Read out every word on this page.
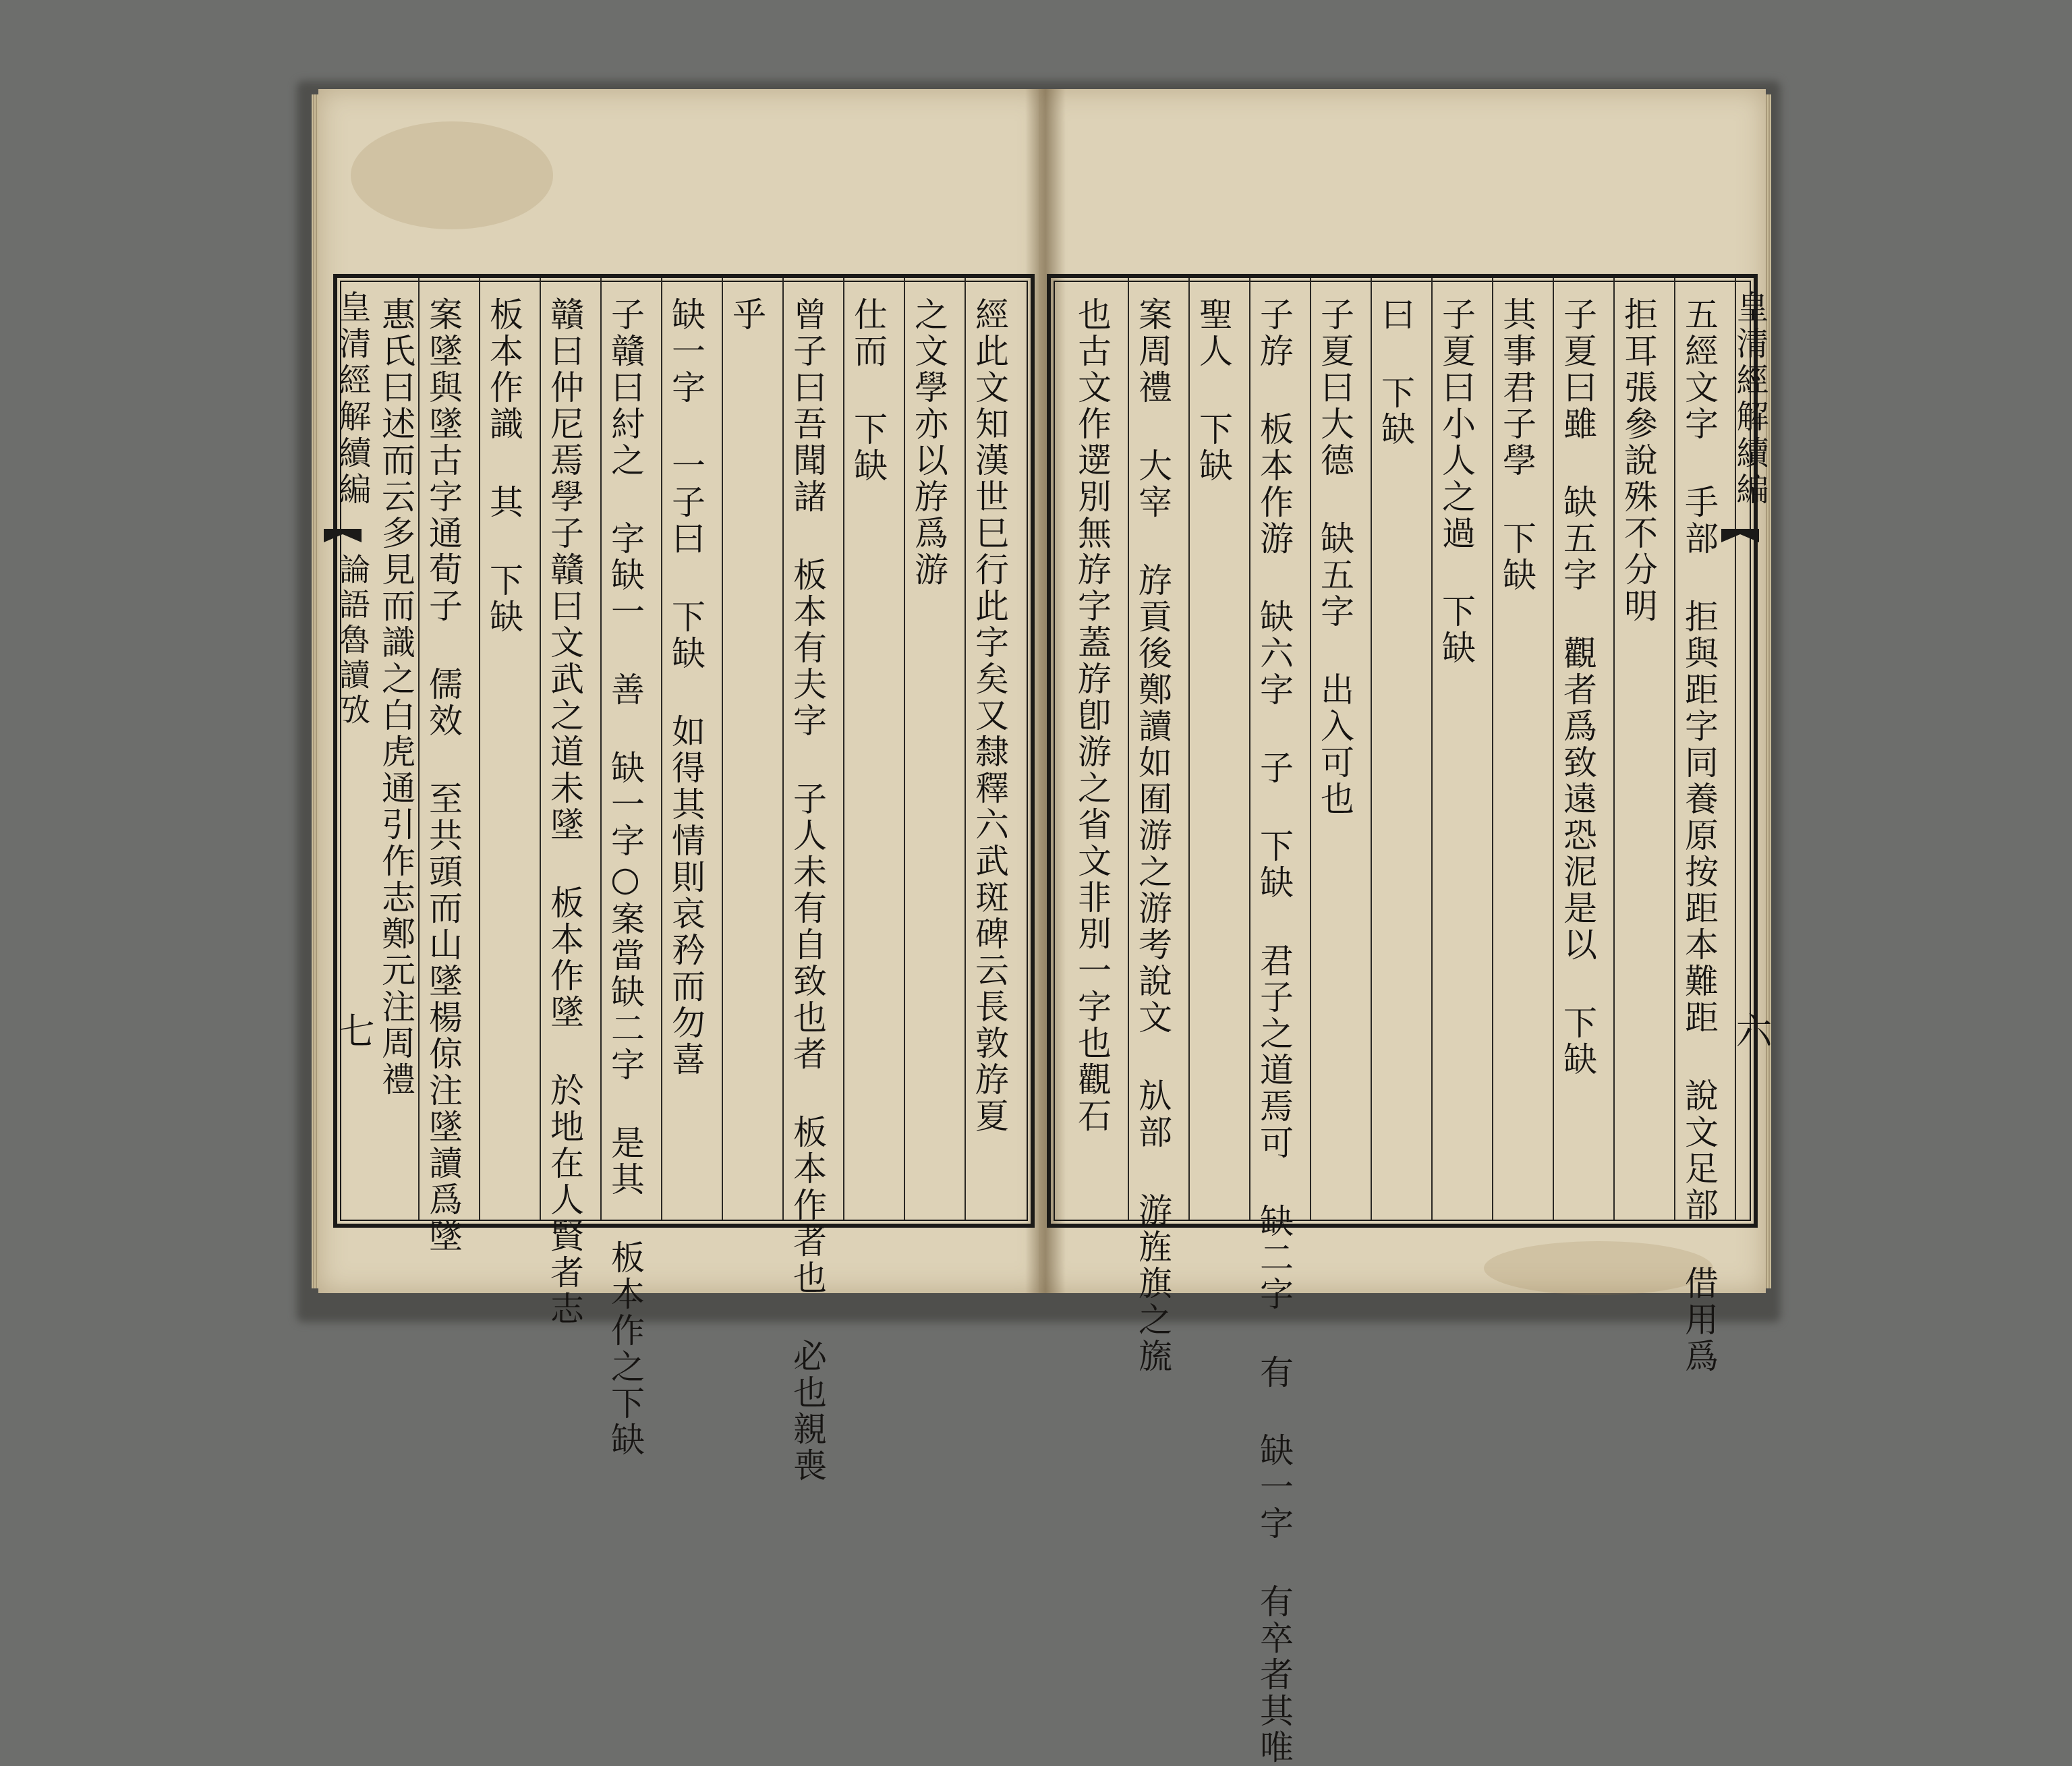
經此文知漢世巳行此字矣又隸釋六武斑碑云長敦斿夏
之文學亦以斿爲游
仕而 下缺
曾子曰吾聞諸 板本有夫字 子人未有自致也者 板本作者也 必也親喪
乎
缺一字 一子曰 下缺 如得其情則哀矜而勿喜
子贛曰紂之 字缺一 善 缺一字○案當缺二字 是其 板本作之下缺
贛曰仲尼焉學子贛曰文武之道未墜 板本作墜 於地在人賢者志
板本作識 其 下缺
案墜與墜古字通荀子 儒效 至共頭而山墜楊倞注墜讀爲墜
惠氏曰述而云多見而識之白虎通引作志鄭元注周禮
皇清經解續編
論語魯讀攷
七	五經文字 手部 拒與距字同養原按距本難距 說文足部 借用爲
拒耳張參說殊不分明
子夏曰雖 缺五字 觀者爲致遠恐泥是以 下缺
其事君子學 下缺
子夏曰小人之過 下缺
曰 下缺
子夏曰大德 缺五字 出入可也
子斿 板本作游 缺六字 子 下缺 君子之道焉可 缺二字 有 缺一字 有卒者其唯
聖人 下缺
案周禮 大宰 斿貢後鄭讀如囿游之游考說文 㫃部 游旌旗之旒
也古文作遻別無斿字蓋斿卽游之省文非別一字也觀石	皇清經解續編
六
